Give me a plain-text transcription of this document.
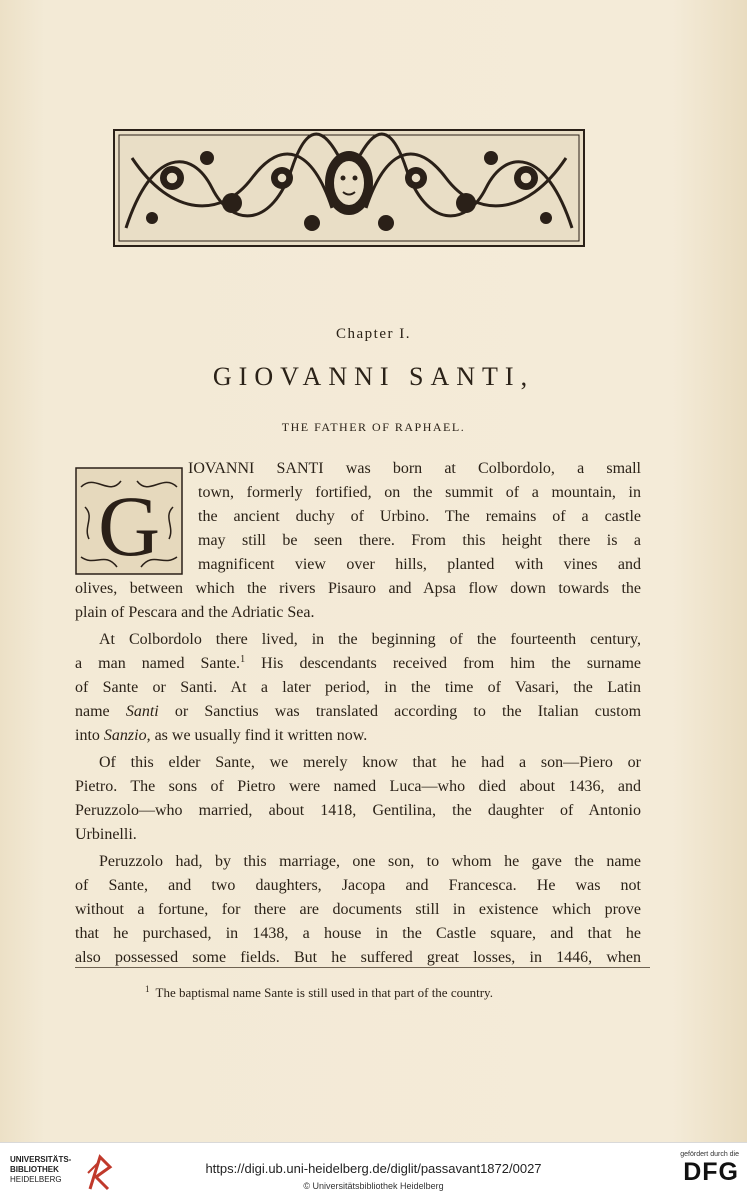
Chapter I.
GIOVANNI SANTI,
THE FATHER OF RAPHAEL.
G
IOVANNI SANTI was born at Colbordolo, a small
town, formerly fortified, on the summit of a mountain, in
the ancient duchy of Urbino. The remains of a castle
may still be seen there. From this height there is a
magnificent view over hills, planted with vines and
olives, between which the rivers Pisauro and Apsa flow down towards the
plain of Pescara and the Adriatic Sea.
At Colbordolo there lived, in the beginning of the fourteenth century,
a man named Sante.$^1$ His descendants received from him the surname
of Sante or Santi. At a later period, in the time of Vasari, the Latin
name Santi or Sanctius was translated according to the Italian custom
into Sanzio, as we usually find it written now.
Of this elder Sante, we merely know that he had a son—Piero or
Pietro. The sons of Pietro were named Luca—who died about 1436, and
Peruzzolo—who married, about 1418, Gentilina, the daughter of Antonio
Urbinelli.
Peruzzolo had, by this marriage, one son, to whom he gave the name
of Sante, and two daughters, Jacopa and Francesca. He was not
without a fortune, for there are documents still in existence which prove
that he purchased, in 1438, a house in the Castle square, and that he
also possessed some fields. But he suffered great losses, in 1446, when
$^1$ The baptismal name Sante is still used in that part of the country.
UNIVERSITÄTS-
BIBLIOTHEK
HEIDELBERG
https://digi.ub.uni-heidelberg.de/diglit/passavant1872/0027
© Universitätsbibliothek Heidelberg
gefördert durch die
DFG
